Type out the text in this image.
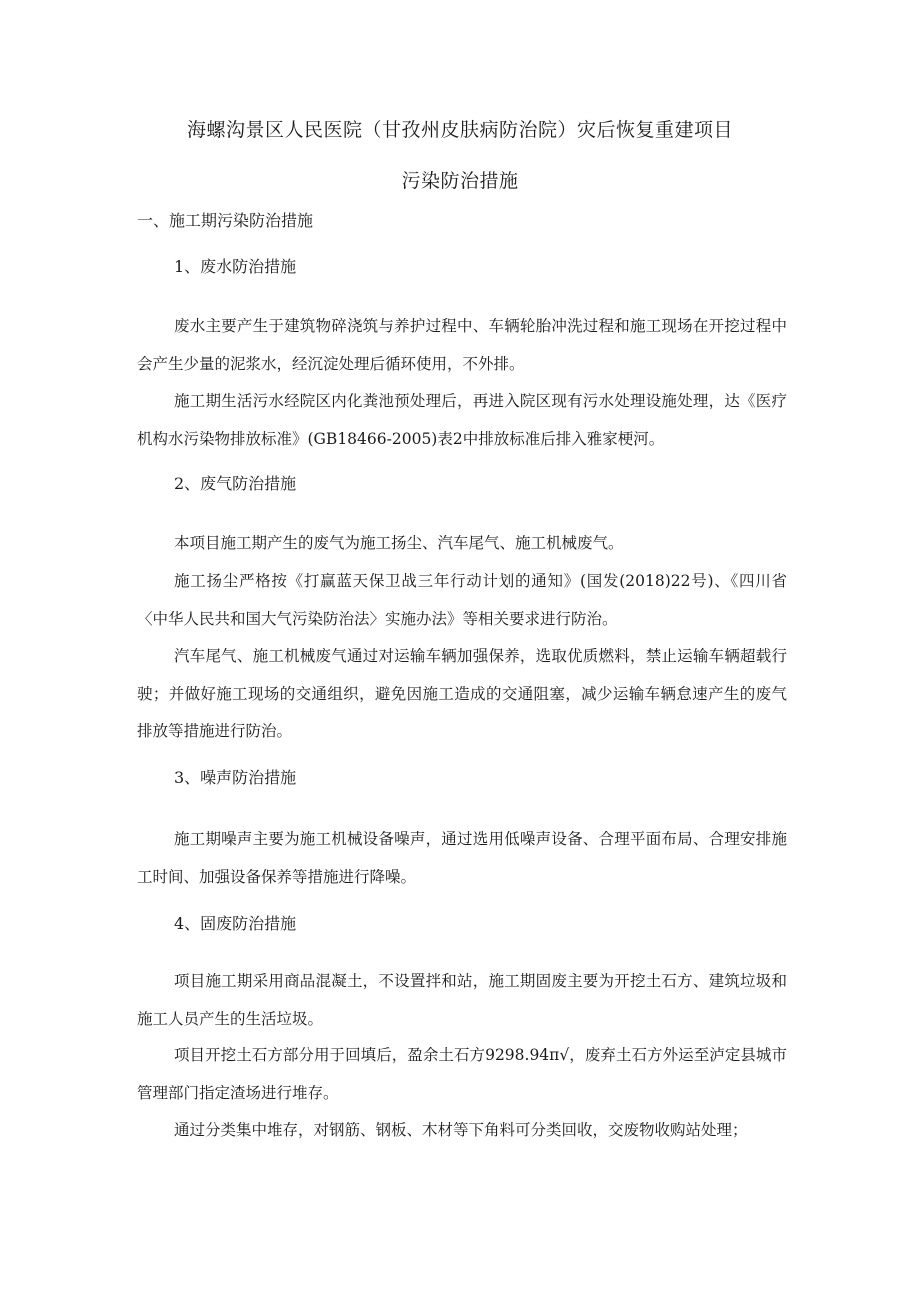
海螺沟景区人民医院（甘孜州皮肤病防治院）灾后恢复重建项目
污染防治措施
一、施工期污染防治措施
1、废水防治措施
废水主要产生于建筑物碎浇筑与养护过程中、车辆轮胎冲洗过程和施工现场在开挖过程中会产生少量的泥浆水，经沉淀处理后循环使用，不外排。
施工期生活污水经院区内化粪池预处理后，再进入院区现有污水处理设施处理，达《医疗机构水污染物排放标准》(GB18466-2005)表2中排放标准后排入雅家梗河。
2、废气防治措施
本项目施工期产生的废气为施工扬尘、汽车尾气、施工机械废气。
施工扬尘严格按《打赢蓝天保卫战三年行动计划的通知》(国发(2018)22号)、《四川省〈中华人民共和国大气污染防治法〉实施办法》等相关要求进行防治。
汽车尾气、施工机械废气通过对运输车辆加强保养，选取优质燃料，禁止运输车辆超载行驶；并做好施工现场的交通组织，避免因施工造成的交通阻塞，减少运输车辆怠速产生的废气排放等措施进行防治。
3、噪声防治措施
施工期噪声主要为施工机械设备噪声，通过选用低噪声设备、合理平面布局、合理安排施工时间、加强设备保养等措施进行降噪。
4、固废防治措施
项目施工期采用商品混凝土，不设置拌和站，施工期固废主要为开挖土石方、建筑垃圾和施工人员产生的生活垃圾。
项目开挖土石方部分用于回填后，盈余土石方9298.94π√，废弃土石方外运至泸定县城市管理部门指定渣场进行堆存。
通过分类集中堆存，对钢筋、钢板、木材等下角料可分类回收，交废物收购站处理；
